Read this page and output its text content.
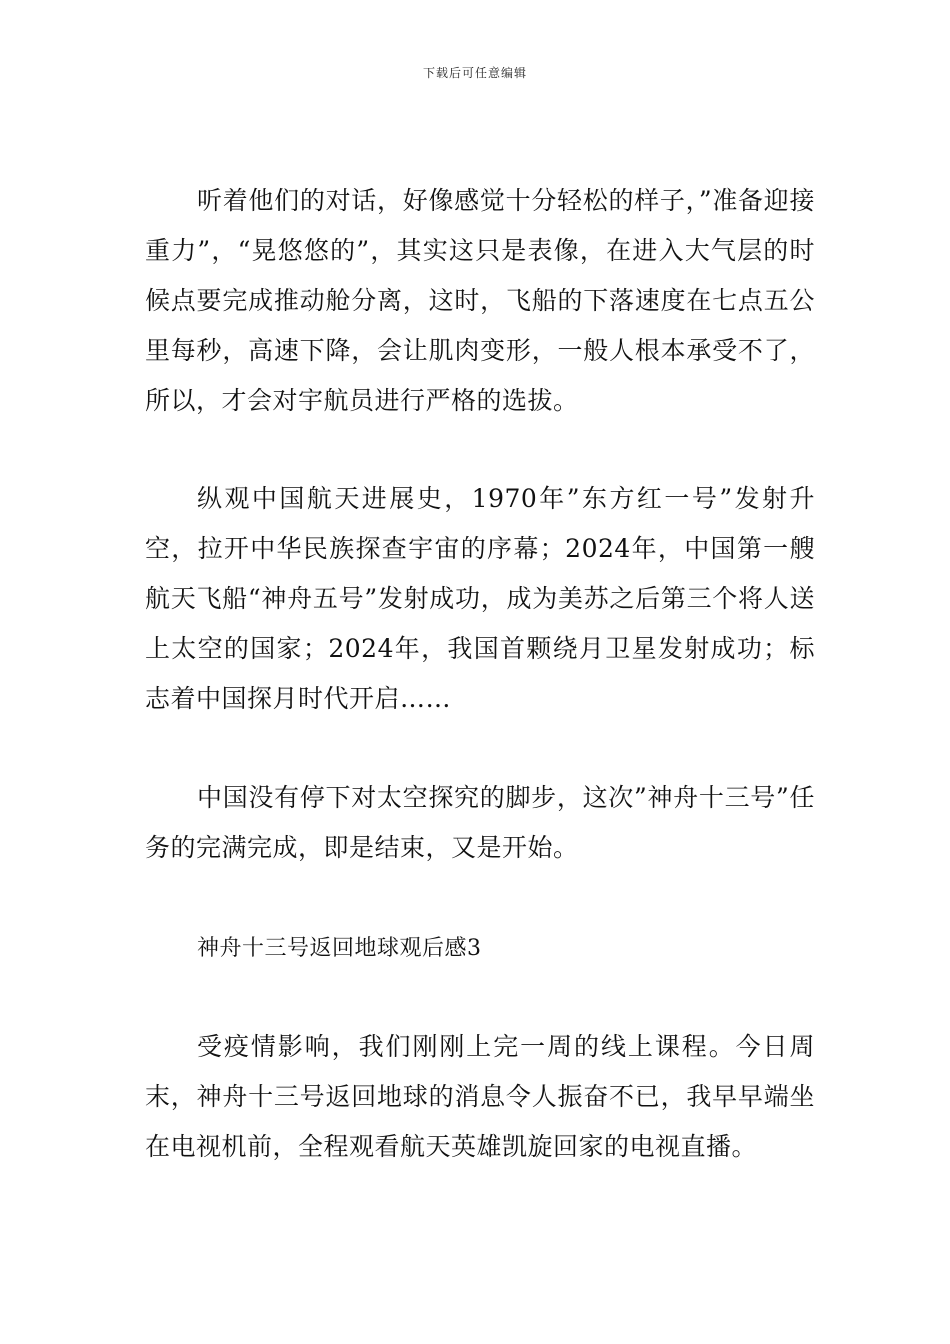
下载后可任意编辑

听着他们的对话，好像感觉十分轻松的样子，”准备迎接重力”，“晃悠悠的”，其实这只是表像，在进入大气层的时候点要完成推动舱分离，这时，飞船的下落速度在七点五公里每秒，高速下降，会让肌肉变形，一般人根本承受不了，所以，才会对宇航员进行严格的选拔。

纵观中国航天进展史，1970年”东方红一号”发射升空，拉开中华民族探查宇宙的序幕；2024年，中国第一艘航天飞船“神舟五号”发射成功，成为美苏之后第三个将人送上太空的国家；2024年，我国首颗绕月卫星发射成功；标志着中国探月时代开启……

中国没有停下对太空探究的脚步，这次”神舟十三号”任务的完满完成，即是结束，又是开始。

神舟十三号返回地球观后感3

受疫情影响，我们刚刚上完一周的线上课程。今日周末，神舟十三号返回地球的消息令人振奋不已，我早早端坐在电视机前，全程观看航天英雄凯旋回家的电视直播。
